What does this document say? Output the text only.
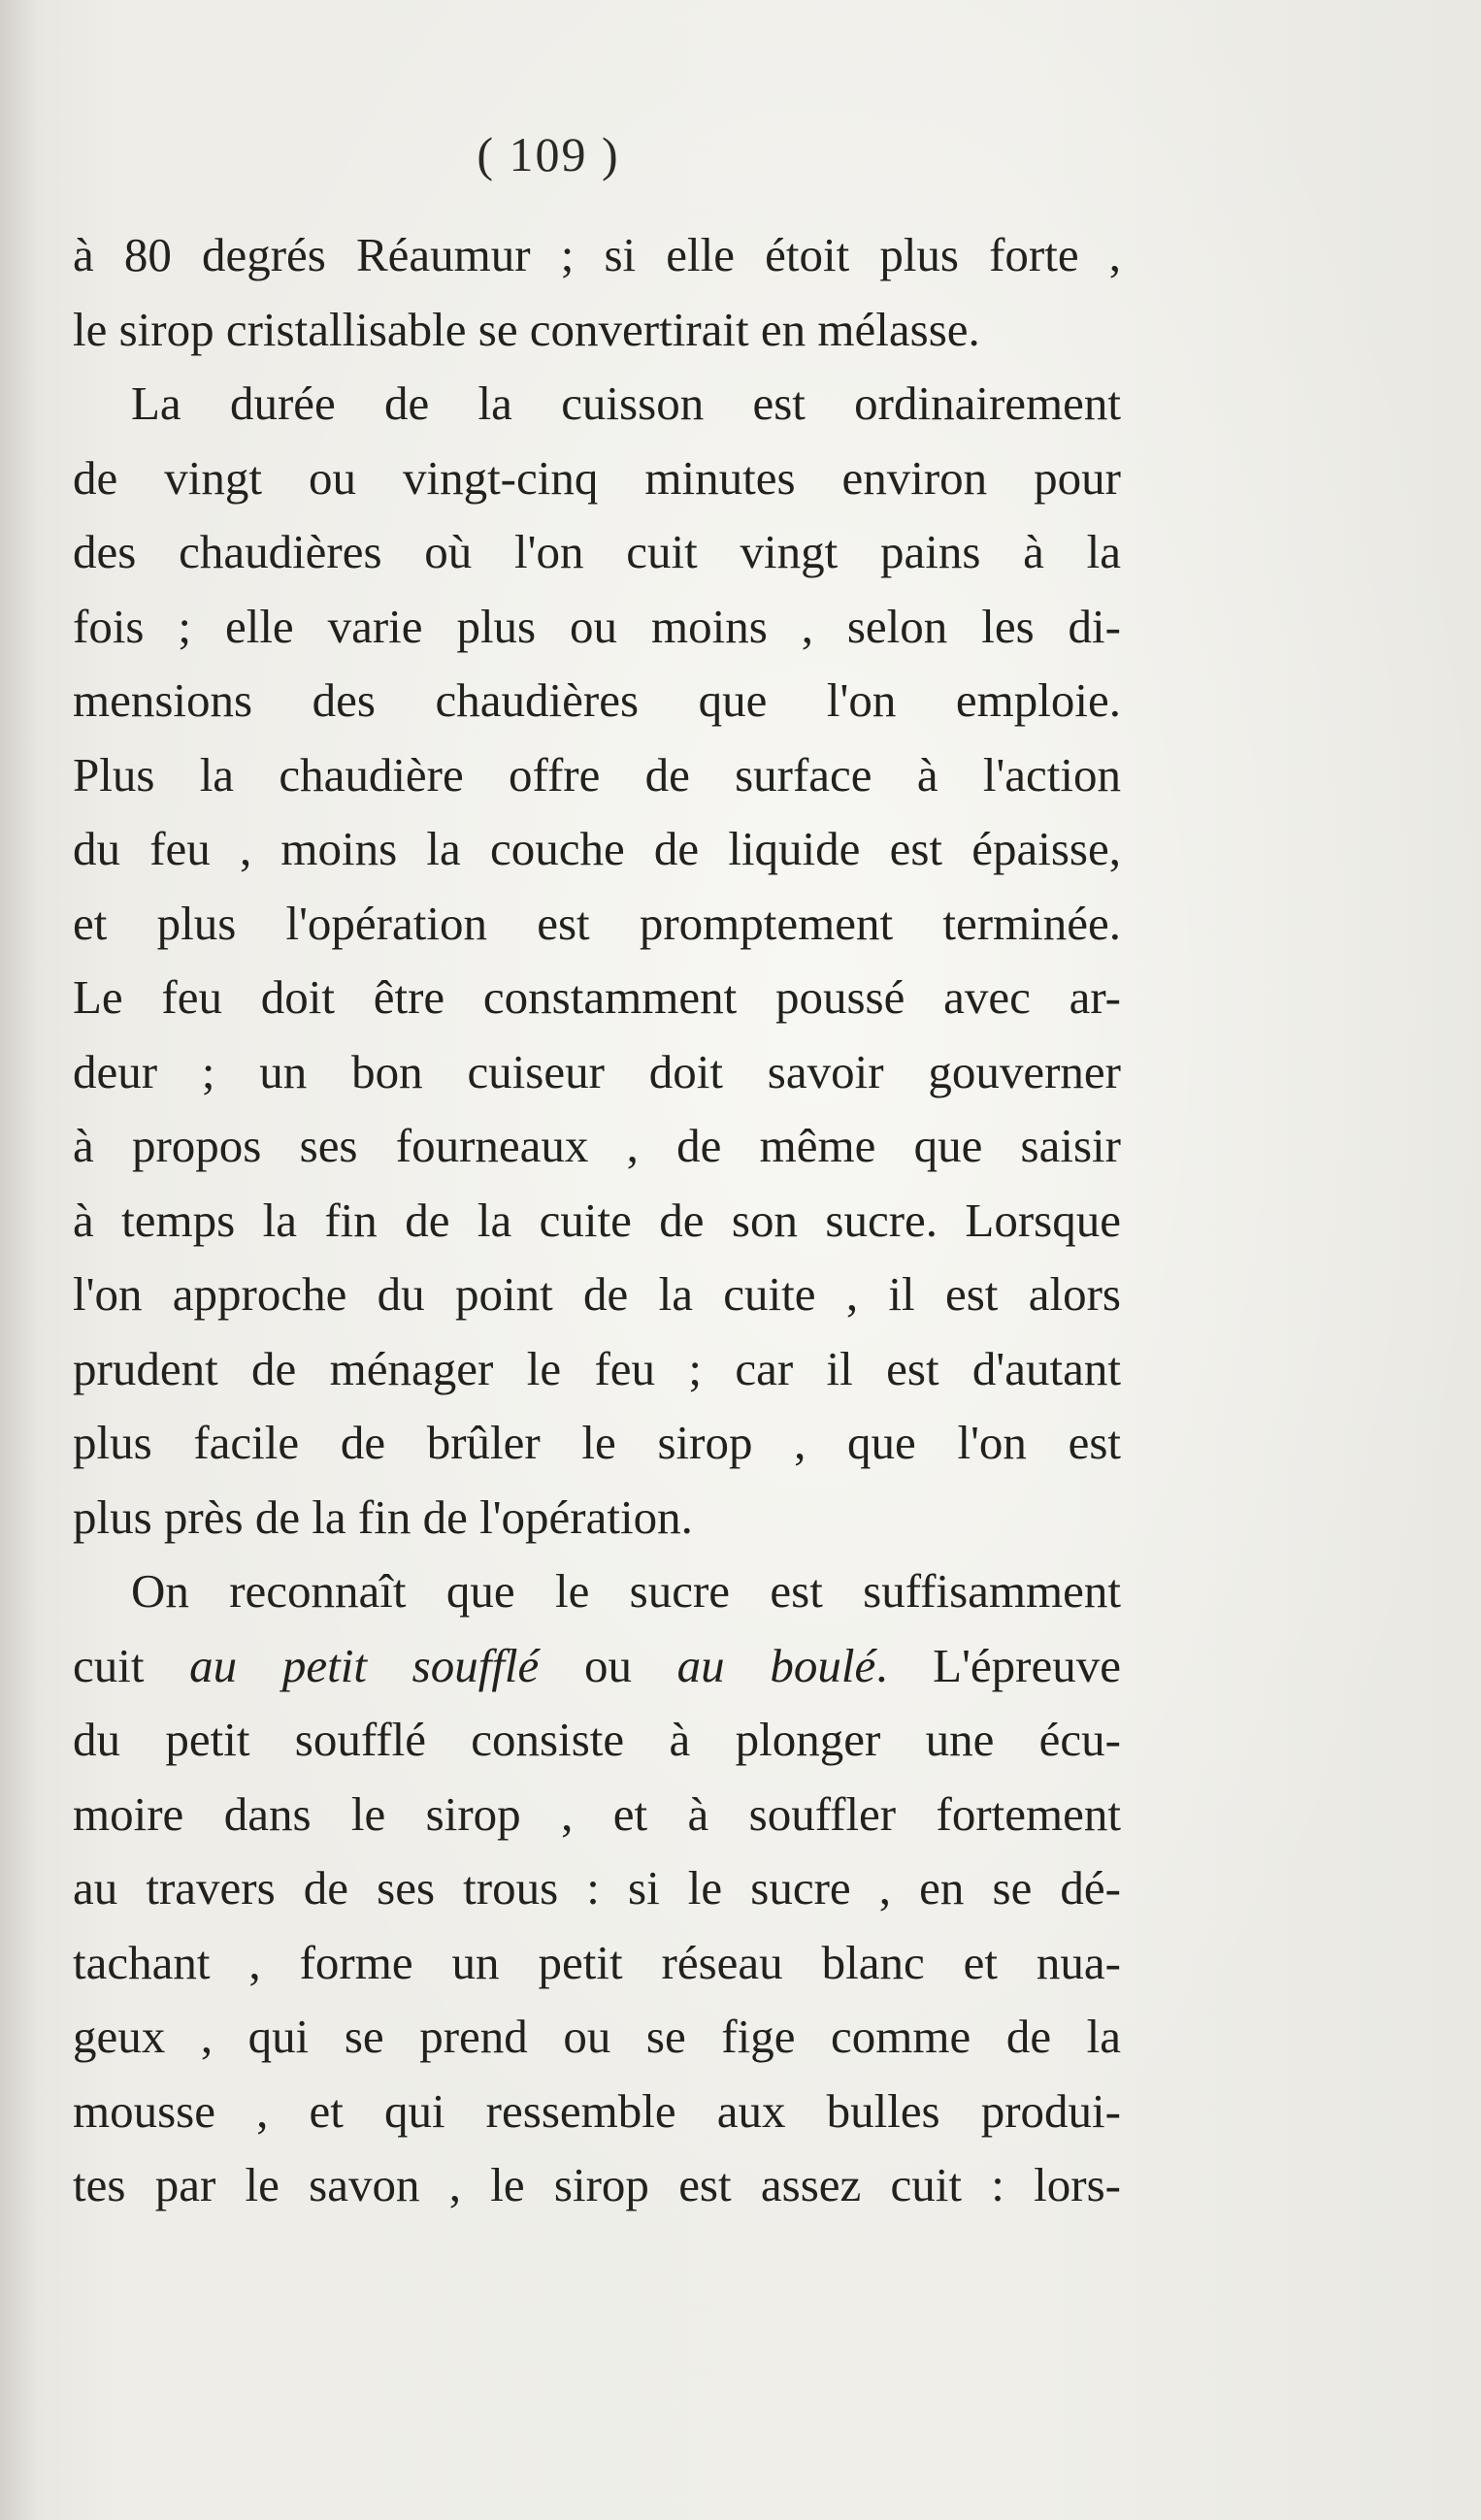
( 109 )
à 80 degrés Réaumur ; si elle étoit plus forte ,
le sirop cristallisable se convertirait en mélasse.
La durée de la cuisson est ordinairement
de vingt ou vingt-cinq minutes environ pour
des chaudières où l'on cuit vingt pains à la
fois ; elle varie plus ou moins , selon les di-
mensions des chaudières que l'on emploie.
Plus la chaudière offre de surface à l'action
du feu , moins la couche de liquide est épaisse,
et plus l'opération est promptement terminée.
Le feu doit être constamment poussé avec ar-
deur ; un bon cuiseur doit savoir gouverner
à propos ses fourneaux , de même que saisir
à temps la fin de la cuite de son sucre. Lorsque
l'on approche du point de la cuite , il est alors
prudent de ménager le feu ; car il est d'autant
plus facile de brûler le sirop , que l'on est
plus près de la fin de l'opération.
On reconnaît que le sucre est suffisamment
cuit au petit soufflé ou au boulé. L'épreuve
du petit soufflé consiste à plonger une écu-
moire dans le sirop , et à souffler fortement
au travers de ses trous : si le sucre , en se dé-
tachant , forme un petit réseau blanc et nua-
geux , qui se prend ou se fige comme de la
mousse , et qui ressemble aux bulles produi-
tes par le savon , le sirop est assez cuit : lors-
